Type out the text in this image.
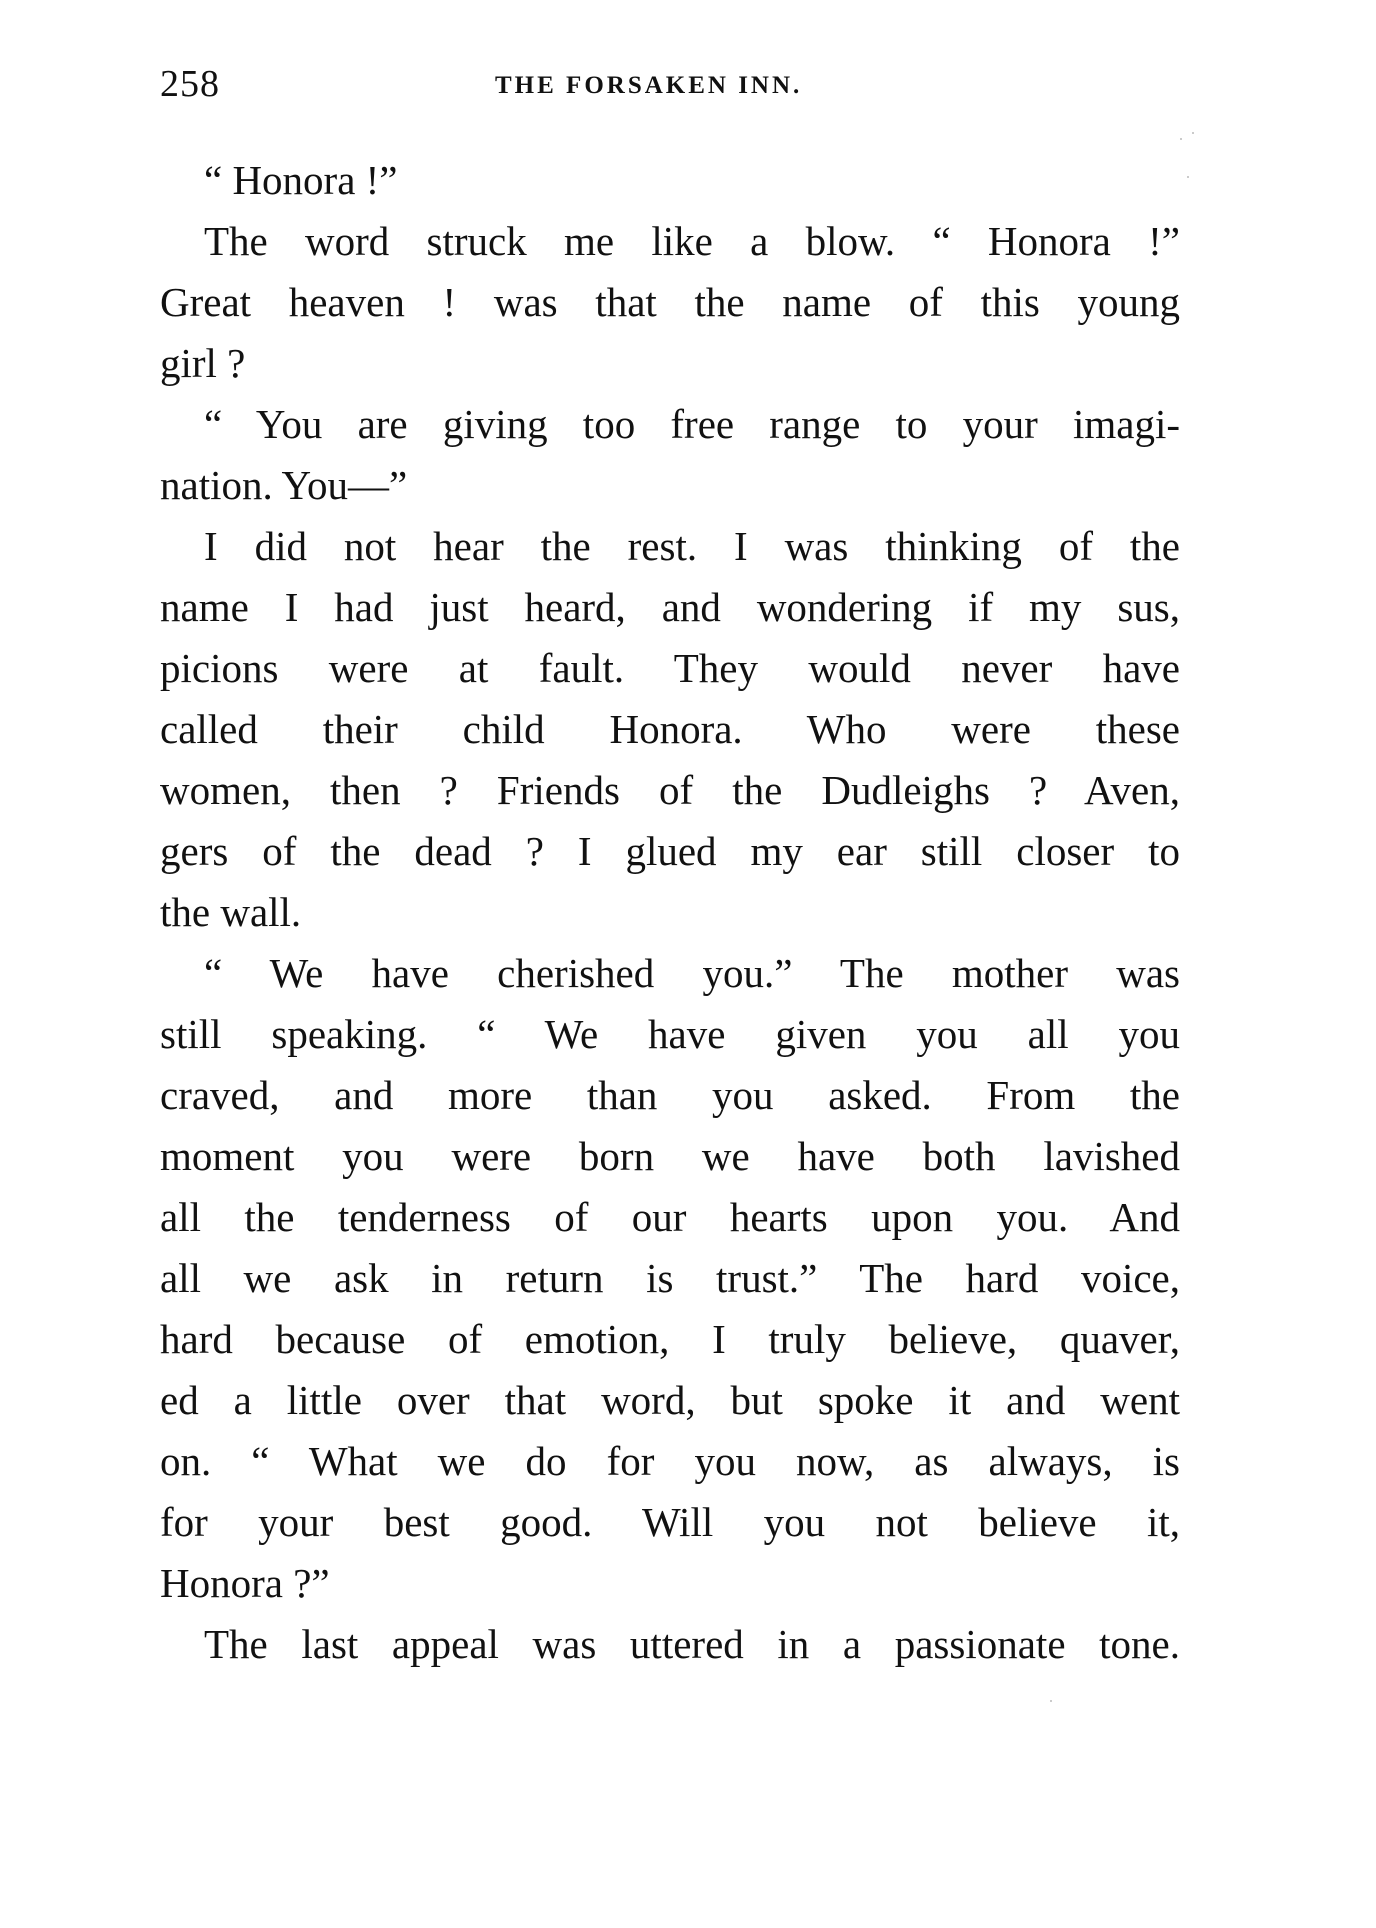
258	THE FORSAKEN INN.
“ Honora !”
The word struck me like a blow. “ Honora !”
Great heaven ! was that the name of this young
girl ?
“ You are giving too free range to your imagi-
nation. You—”
I did not hear the rest. I was thinking of the
name I had just heard, and wondering if my sus,
picions were at fault. They would never have
called their child Honora. Who were these
women, then ? Friends of the Dudleighs ? Aven,
gers of the dead ? I glued my ear still closer to
the wall.
“ We have cherished you.” The mother was
still speaking. “ We have given you all you
craved, and more than you asked. From the
moment you were born we have both lavished
all the tenderness of our hearts upon you. And
all we ask in return is trust.” The hard voice,
hard because of emotion, I truly believe, quaver,
ed a little over that word, but spoke it and went
on. “ What we do for you now, as always, is
for your best good. Will you not believe it,
Honora ?”
The last appeal was uttered in a passionate tone.
